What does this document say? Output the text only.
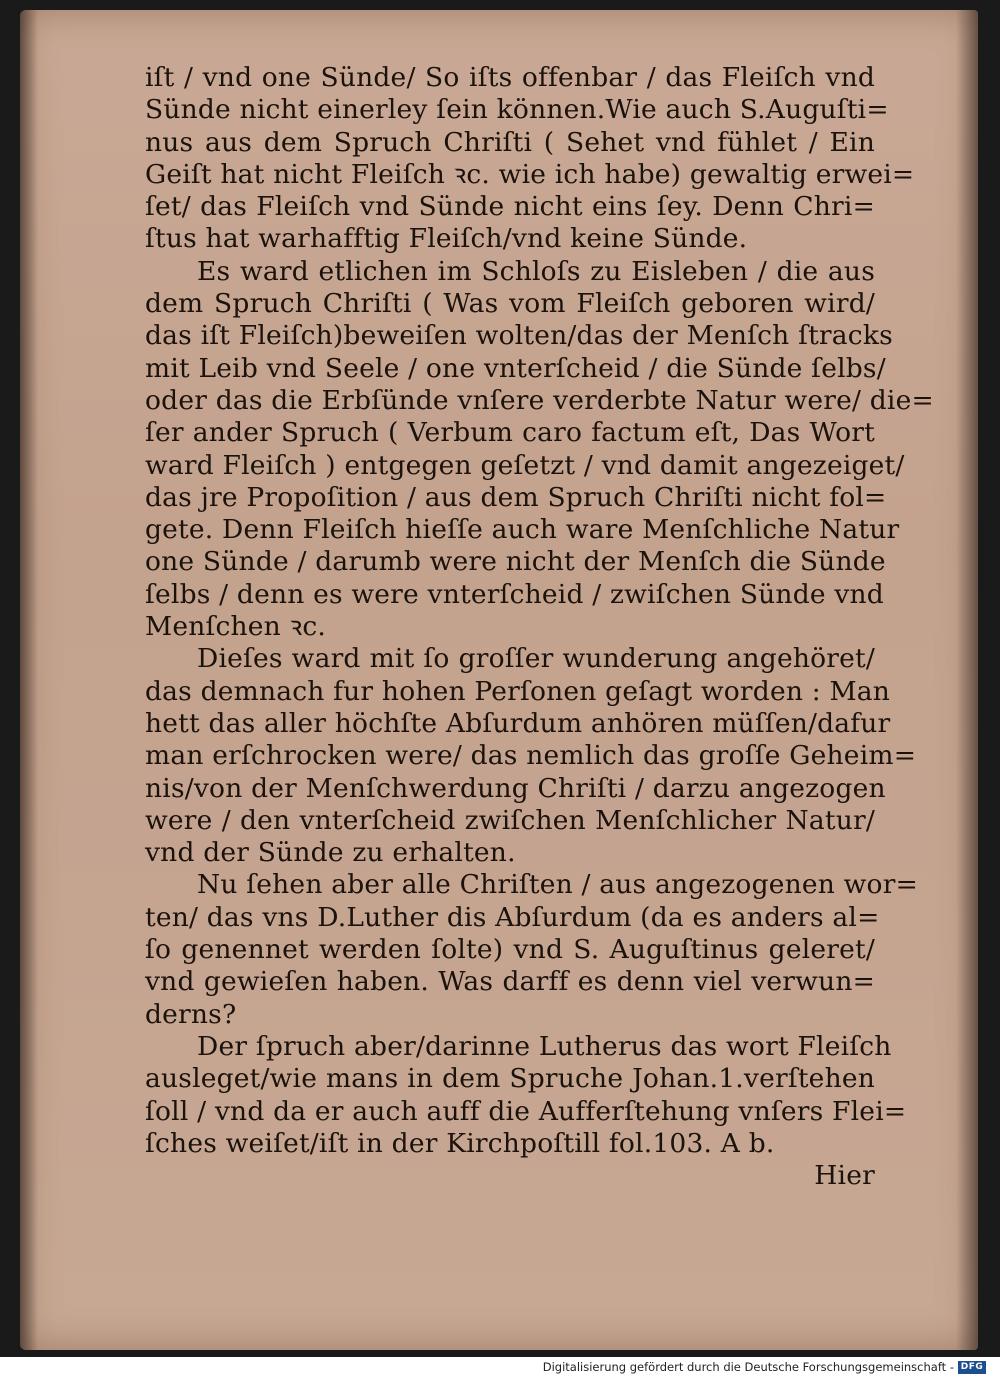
iſt / vnd one Sünde/ So iſts offenbar / das Fleiſch vnd
Sünde nicht einerley ſein können.Wie auch S.Auguſti=
nus aus dem Spruch Chriſti ( Sehet vnd fühlet / Ein
Geiſt hat nicht Fleiſch ꝛc. wie ich habe) gewaltig erwei=
ſet/ das Fleiſch vnd Sünde nicht eins ſey. Denn Chri=
ſtus hat warhafftig Fleiſch/vnd keine Sünde.
Es ward etlichen im Schloſs zu Eisleben / die aus
dem Spruch Chriſti ( Was vom Fleiſch geboren wird/
das iſt Fleiſch)beweiſen wolten/das der Menſch ſtracks
mit Leib vnd Seele / one vnterſcheid / die Sünde ſelbs/
oder das die Erbſünde vnſere verderbte Natur were/ die=
ſer ander Spruch ( Verbum caro factum eſt, Das Wort
ward Fleiſch ) entgegen geſetzt / vnd damit angezeiget/
das jre Propoſition / aus dem Spruch Chriſti nicht fol=
gete. Denn Fleiſch hieſſe auch ware Menſchliche Natur
one Sünde / darumb were nicht der Menſch die Sünde
ſelbs / denn es were vnterſcheid / zwiſchen Sünde vnd
Menſchen ꝛc.
Dieſes ward mit ſo groſſer wunderung angehöret/
das demnach fur hohen Perſonen geſagt worden : Man
hett das aller höchſte Abſurdum anhören müſſen/dafur
man erſchrocken were/ das nemlich das groſſe Geheim=
nis/von der Menſchwerdung Chriſti / darzu angezogen
were / den vnterſcheid zwiſchen Menſchlicher Natur/
vnd der Sünde zu erhalten.
Nu ſehen aber alle Chriſten / aus angezogenen wor=
ten/ das vns D.Luther dis Abſurdum (da es anders al=
ſo genennet werden ſolte) vnd S. Auguſtinus geleret/
vnd gewieſen haben. Was darff es denn viel verwun=
derns?
Der ſpruch aber/darinne Lutherus das wort Fleiſch
ausleget/wie mans in dem Spruche Johan.1.verſtehen
ſoll / vnd da er auch auff die Aufferſtehung vnſers Flei=
ſches weiſet/iſt in der Kirchpoſtill fol.103. A b.
Hier
Digitalisierung gefördert durch die Deutsche Forschungsgemeinschaft - DFG
